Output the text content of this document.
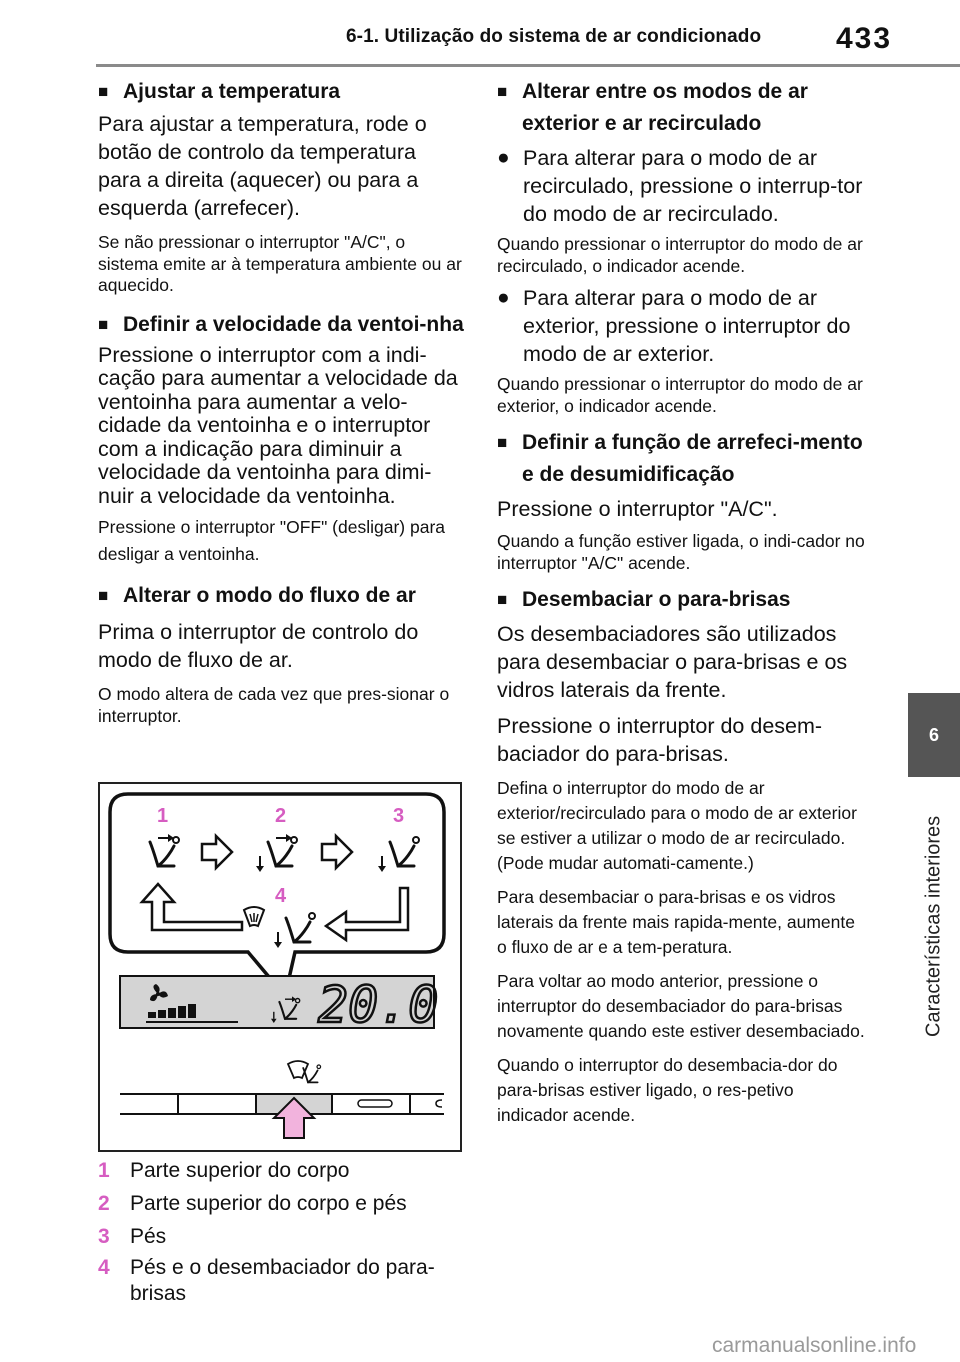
6-1. Utilização do sistema de ar condicionado 433
6
Características interiores
■ Ajustar a temperatura

Para ajustar a temperatura, rode o botão de controlo da temperatura para a direita (aquecer) ou para a esquerda (arrefecer).

Se não pressionar o interruptor "A/C", o sistema emite ar à temperatura ambiente ou ar aquecido.

■ Definir a velocidade da ventoi-nha

Pressione o interruptor com a indi-cação para aumentar a velocidade da ventoinha para aumentar a velo-cidade da ventoinha e o interruptor com a indicação para diminuir a velocidade da ventoinha para dimi-nuir a velocidade da ventoinha.

Pressione o interruptor "OFF" (desligar) para desligar a ventoinha.

■ Alterar o modo do fluxo de ar

Prima o interruptor de controlo do modo de fluxo de ar.

O modo altera de cada vez que pres-sionar o interruptor.

1	2	3
4
20.0
1 Parte superior do corpo
2 Parte superior do corpo e pés
3 Pés
4 Pés e o desembaciador do para-brisas
■ Alterar entre os modos de ar exterior e ar recirculado
● Para alterar para o modo de ar recirculado, pressione o interrup-tor do modo de ar recirculado.

Quando pressionar o interruptor do modo de ar recirculado, o indicador acende.

● Para alterar para o modo de ar exterior, pressione o interruptor do modo de ar exterior.

Quando pressionar o interruptor do modo de ar exterior, o indicador acende.

■ Definir a função de arrefeci-mento e de desumidificação

Pressione o interruptor "A/C".

Quando a função estiver ligada, o indi-cador no interruptor "A/C" acende.

■ Desembaciar o para-brisas

Os desembaciadores são utilizados para desembaciar o para-brisas e os vidros laterais da frente.

Pressione o interruptor do desem-baciador do para-brisas.

Defina o interruptor do modo de ar exterior/recirculado para o modo de ar exterior se estiver a utilizar o modo de ar recirculado. (Pode mudar automati-camente.)

Para desembaciar o para-brisas e os vidros laterais da frente mais rapida-mente, aumente o fluxo de ar e a tem-peratura.

Para voltar ao modo anterior, pressione o interruptor do desembaciador do para-brisas novamente quando este estiver desembaciado.

Quando o interruptor do desembacia-dor do para-brisas estiver ligado, o res-petivo indicador acende.

carmanualsonline.info
